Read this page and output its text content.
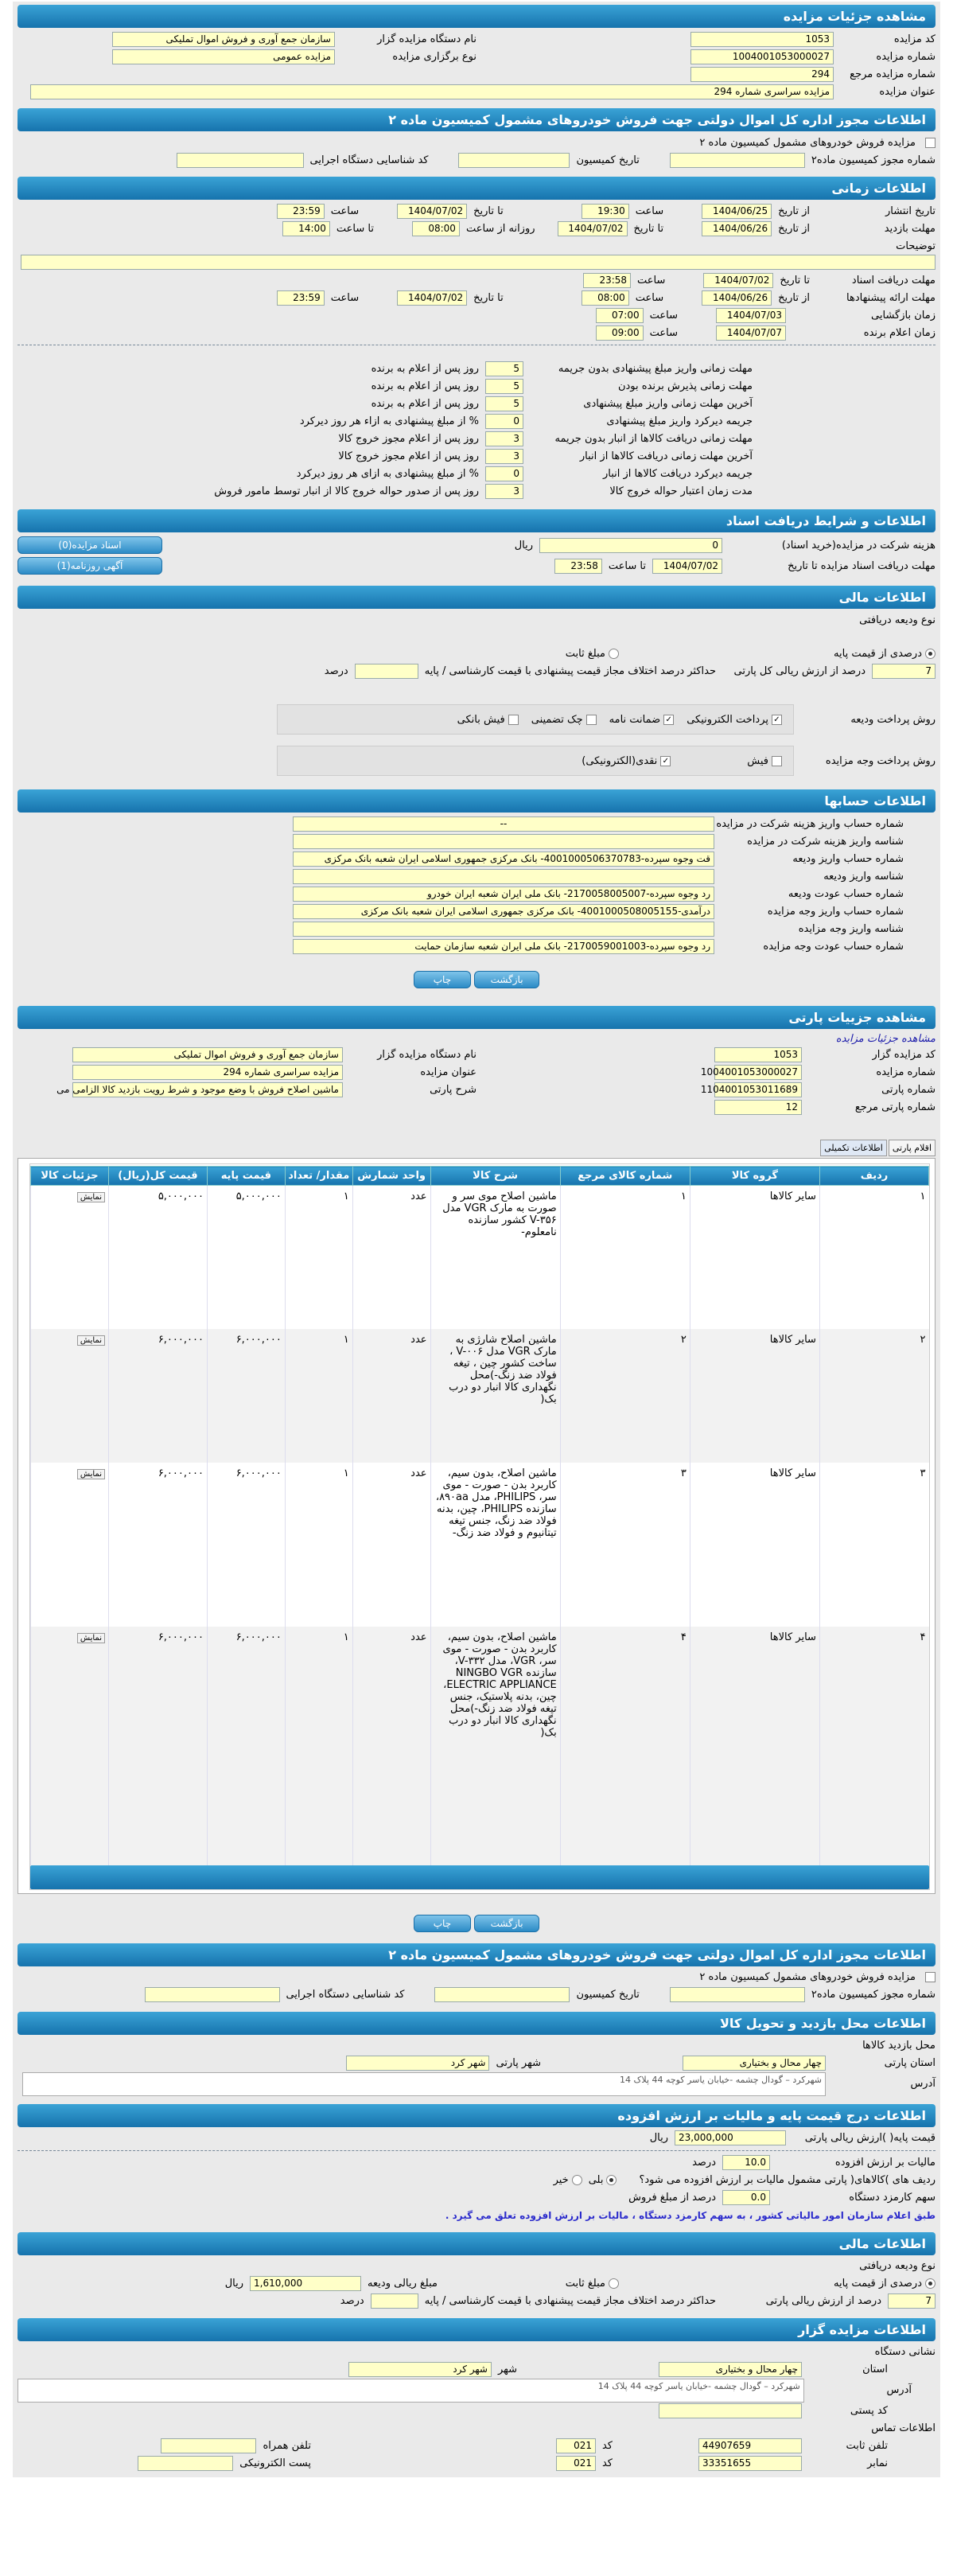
مشاهده جزئیات مزایده
کد مزایده
1053
شماره مزایده
1004001053000027
شماره مزایده مرجع
294
نام دستگاه مزایده گزار
سازمان جمع آوری و فروش اموال تملیکی
نوع برگزاری مزایده
مزایده عمومی
عنوان مزایده
مزایده سراسری شماره 294
اطلاعات مجوز اداره کل اموال دولتی جهت فروش خودروهای مشمول کمیسیون ماده ۲
مزایده فروش خودروهای مشمول کمیسیون ماده ۲
شماره مجوز کمیسیون ماده۲
تاریخ کمیسیون
کد شناسایی دستگاه اجرایی
اطلاعات زمانی
تاریخ انتشار
از تاریخ
1404/06/25
ساعت
19:30
تا تاریخ
1404/07/02
ساعت
23:59
مهلت بازدید
از تاریخ
1404/06/26
تا تاریخ
1404/07/02
روزانه از ساعت
08:00
تا ساعت
14:00
توضیحات
مهلت دریافت اسناد
تا تاریخ
1404/07/02
ساعت
23:58
مهلت ارائه پیشنهادها
از تاریخ
1404/06/26
ساعت
08:00
تا تاریخ
1404/07/02
ساعت
23:59
زمان بازگشایی
1404/07/03
ساعت
07:00
زمان اعلام برنده
1404/07/07
ساعت
09:00
مهلت زمانی واریز مبلغ پیشنهادی بدون جریمه
5
روز پس از اعلام به برنده
مهلت زمانی پذیرش برنده بودن
5
روز پس از اعلام به برنده
آخرین مهلت زمانی واریز مبلغ پیشنهادی
5
روز پس از اعلام به برنده
جریمه دیرکرد واریز مبلغ پیشنهادی
0
% از مبلغ پیشنهادی به ازاء هر روز دیرکرد
مهلت زمانی دریافت کالاها از انبار بدون جریمه
3
روز پس از اعلام مجوز خروج کالا
آخرین مهلت زمانی دریافت کالاها از انبار
3
روز پس از اعلام مجوز خروج کالا
جریمه دیرکرد دریافت کالاها از انبار
0
% از مبلغ پیشنهادی به ازای هر روز دیرکرد
مدت زمان اعتبار حواله خروج کالا
3
روز پس از صدور حواله خروج کالا از انبار توسط مامور فروش
اطلاعات و شرایط دریافت اسناد
هزینه شرکت در مزایده(خرید اسناد)
0
ریال
اسناد مزایده(0)
مهلت دریافت اسناد مزایده تا تاریخ
1404/07/02
تا ساعت
23:58
آگهی روزنامه(1)
اطلاعات مالی
نوع ودیعه دریافتی
درصدی از قیمت پایه
مبلغ ثابت
7
درصد از ارزش ریالی کل پارتی
حداکثر درصد اختلاف مجاز قیمت پیشنهادی با قیمت کارشناسی / پایه
درصد
روش پرداخت ودیعه
✓پرداخت الکترونیکی
✓ضمانت نامه
چک تضمینی
فیش بانکی
روش پرداخت وجه مزایده
✓نقدی(الکترونیکی)	فیش
اطلاعات حسابها
شماره حساب واریز هزینه شرکت در مزایده
--
شناسه واریز هزینه شرکت در مزایده
شماره حساب واریز ودیعه
قت وجوه سپرده-4001000506370783- بانک مرکزی جمهوری اسلامی ایران شعبه بانک مرکزی
شناسه واریز ودیعه
شماره حساب عودت ودیعه
رد وجوه سپرده-2170058005007- بانک ملی ایران شعبه ایران خودرو
شماره حساب واریز وجه مزایده
درآمدی-4001000508005155- بانک مرکزی جمهوری اسلامی ایران شعبه بانک مرکزی
شناسه واریز وجه مزایده
شماره حساب عودت وجه مزایده
رد وجوه سپرده-2170059001003- بانک ملی ایران شعبه سازمان حمایت
چاپ	بازگشت
مشاهده جزییات پارتی
مشاهده جزئیات مزایده
کد مزایده گزار
1053
شماره مزایده
1004001053000027
شماره پارتی
1104001053011689
شماره پارتی مرجع
12
نام دستگاه مزایده گزار
سازمان جمع آوری و فروش اموال تملیکی
عنوان مزایده
مزایده سراسری شماره 294
شرح پارتی
ماشین اصلاح فروش با وضع موجود و شرط رویت بازدید کالا الزامی می
اقلام پارتی
اطلاعات تکمیلی
ردیف	گروه کالا	شماره کالای مرجع	شرح کالا	واحد شمارش	مقدار/ تعداد	قیمت پایه	قیمت کل(ریال)	جزئیات کالا
۱	سایر کالاها	۱	ماشین اصلاح موی سر و صورت به مارک VGR مدل V-۳۵۶ کشور سازنده نامعلوم-	عدد	۱	۵,۰۰۰,۰۰۰	۵,۰۰۰,۰۰۰	نمایش
۲	سایر کالاها	۲	ماشین اصلاح شارژی به مارک VGR مدل V-۰۰۶ ، ساخت کشور چین ، تیغه فولاد ضد زنگ-)محل نگهداری کالا انبار دو درب بک(	عدد	۱	۶,۰۰۰,۰۰۰	۶,۰۰۰,۰۰۰	نمایش
۳	سایر کالاها	۳	ماشین اصلاح، بدون سیم، کاربرد بدن - صورت - موی سر، PHILIPS، مدل ۸۹۰aa، سازنده PHILIPS، چین، بدنه فولاد ضد زنگ، جنس تیغه تیتانیوم و فولاد ضد زنگ-	عدد	۱	۶,۰۰۰,۰۰۰	۶,۰۰۰,۰۰۰	نمایش
۴	سایر کالاها	۴	ماشین اصلاح، بدون سیم، کاربرد بدن - صورت - موی سر، VGR، مدل V-۳۳۲، سازنده NINGBO VGR ELECTRIC APPLIANCE، چین، بدنه پلاستیک، جنس تیغه فولاد ضد زنگ-)محل نگهداری کالا انبار دو درب بک(	عدد	۱	۶,۰۰۰,۰۰۰	۶,۰۰۰,۰۰۰	نمایش
چاپ	بازگشت
اطلاعات مجوز اداره کل اموال دولتی جهت فروش خودروهای مشمول کمیسیون ماده ۲
مزایده فروش خودروهای مشمول کمیسیون ماده ۲
شماره مجوز کمیسیون ماده۲
تاریخ کمیسیون
کد شناسایی دستگاه اجرایی
اطلاعات محل بازدید و تحویل کالا
محل بازدید کالاها
استان پارتی
چهار محال و بختیاری
شهر پارتی
شهر کرد
آدرس
شهرکرد – گودال چشمه -خیابان یاسر کوچه 44 پلاک 14
اطلاعات درج قیمت پایه و مالیات بر ارزش افزوده
قیمت پایه( )ارزش ریالی پارتی
23,000,000
ریال
مالیات بر ارزش افزوده
10.0
درصد
ردیف های )کالاهای( پارتی مشمول مالیات بر ارزش افزوده می شود؟
بلی
خیر
سهم کارمزد دستگاه
0.0
درصد از مبلغ فروش
طبق اعلام سازمان امور مالیاتی کشور ، به سهم کارمزد دستگاه ، مالیات بر ارزش افزوده تعلق می گیرد .
اطلاعات مالی
نوع ودیعه دریافتی
درصدی از قیمت پایه
مبلغ ثابت
مبلغ ریالی ودیعه
1,610,000
ریال
7
درصد از ارزش ریالی پارتی
حداکثر درصد اختلاف مجاز قیمت پیشنهادی با قیمت کارشناسی / پایه
درصد
اطلاعات مزایده گزار
نشانی دستگاه
استان
چهار محال و بختیاری
شهر
شهر کرد
آدرس
شهرکرد – گودال چشمه -خیابان یاسر کوچه 44 پلاک 14
کد پستی
اطلاعات تماس
تلفن ثابت
44907659
کد
021
تلفن همراه
نمابر
33351655
کد
021
پست الکترونیکی
